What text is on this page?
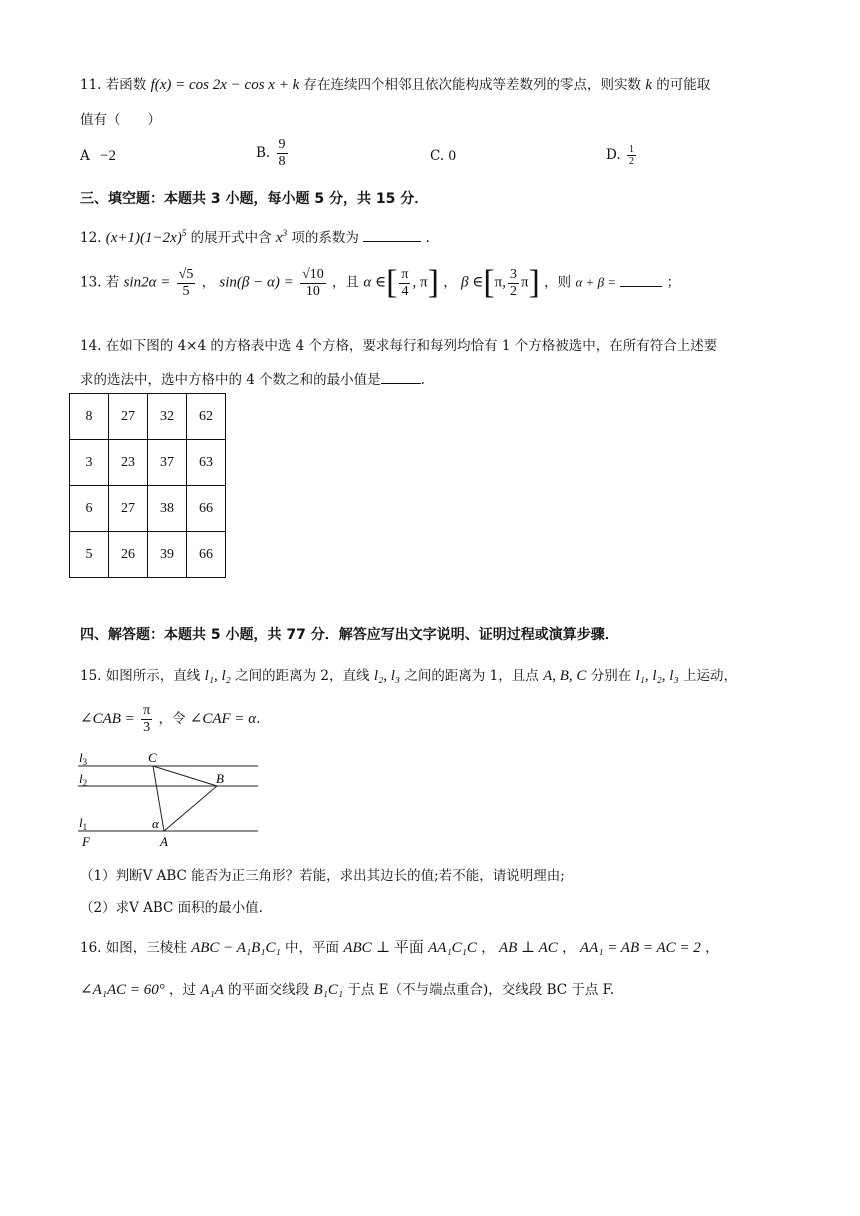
11. 若函数 f(x) = cos 2x − cos x + k 存在连续四个相邻且依次能构成等差数列的零点，则实数 k 的可能取
值有（　　）
A −2	B. $\frac{9}{8}$	C. 0	D. $\frac{1}{2}$
三、填空题：本题共 3 小题，每小题 5 分，共 15 分．
12. $(x+1)(1-2x)^5$ 的展开式中含 $x^3$ 项的系数为	.
13. 若 $\sin 2\alpha = \frac{√5}{5}$ ， $\sin(\beta - \alpha) = \frac{√10}{10}$ ，且 α ∈[ $\frac{\pi}{4}$ , π] ， β ∈[π, $\frac{3}{2} \pi$] ，则 α + β =	；
14. 在如下图的 4×4 的方格表中选 4 个方格，要求每行和每列均恰有 1 个方格被选中，在所有符合上述要
求的选法中，选中方格中的 4 个数之和的最小值是	.
8	27	32	62
3	23	37	63
6	27	38	66
5	26	39	66
四、解答题：本题共 5 小题，共 77 分．解答应写出文字说明、证明过程或演算步骤．
15. 如图所示，直线 l₁, l₂ 之间的距离为 2，直线 l₂, l₃ 之间的距离为 1，且点 A, B, C 分别在 l₁, l₂, l₃ 上运动，
∠CAB = $\frac{\pi}{3}$ ，令 ∠CAF = α.
$l_3$
$l_2$
$l_1$
F
C
B
A
α
（1）判断V ABC 能否为正三角形？若能，求出其边长的值;若不能，请说明理由;
（2）求V ABC 面积的最小值.
16. 如图，三棱柱 ABC − A₁B₁C₁ 中，平面 ABC ⊥ 平面 AA₁C₁C ， AB ⊥ AC ， AA₁ = AB = AC = 2 ，
∠A₁AC = 60° ，过 A₁A 的平面交线段 B₁C₁ 于点 E（不与端点重合)，交线段 BC 于点 F.
